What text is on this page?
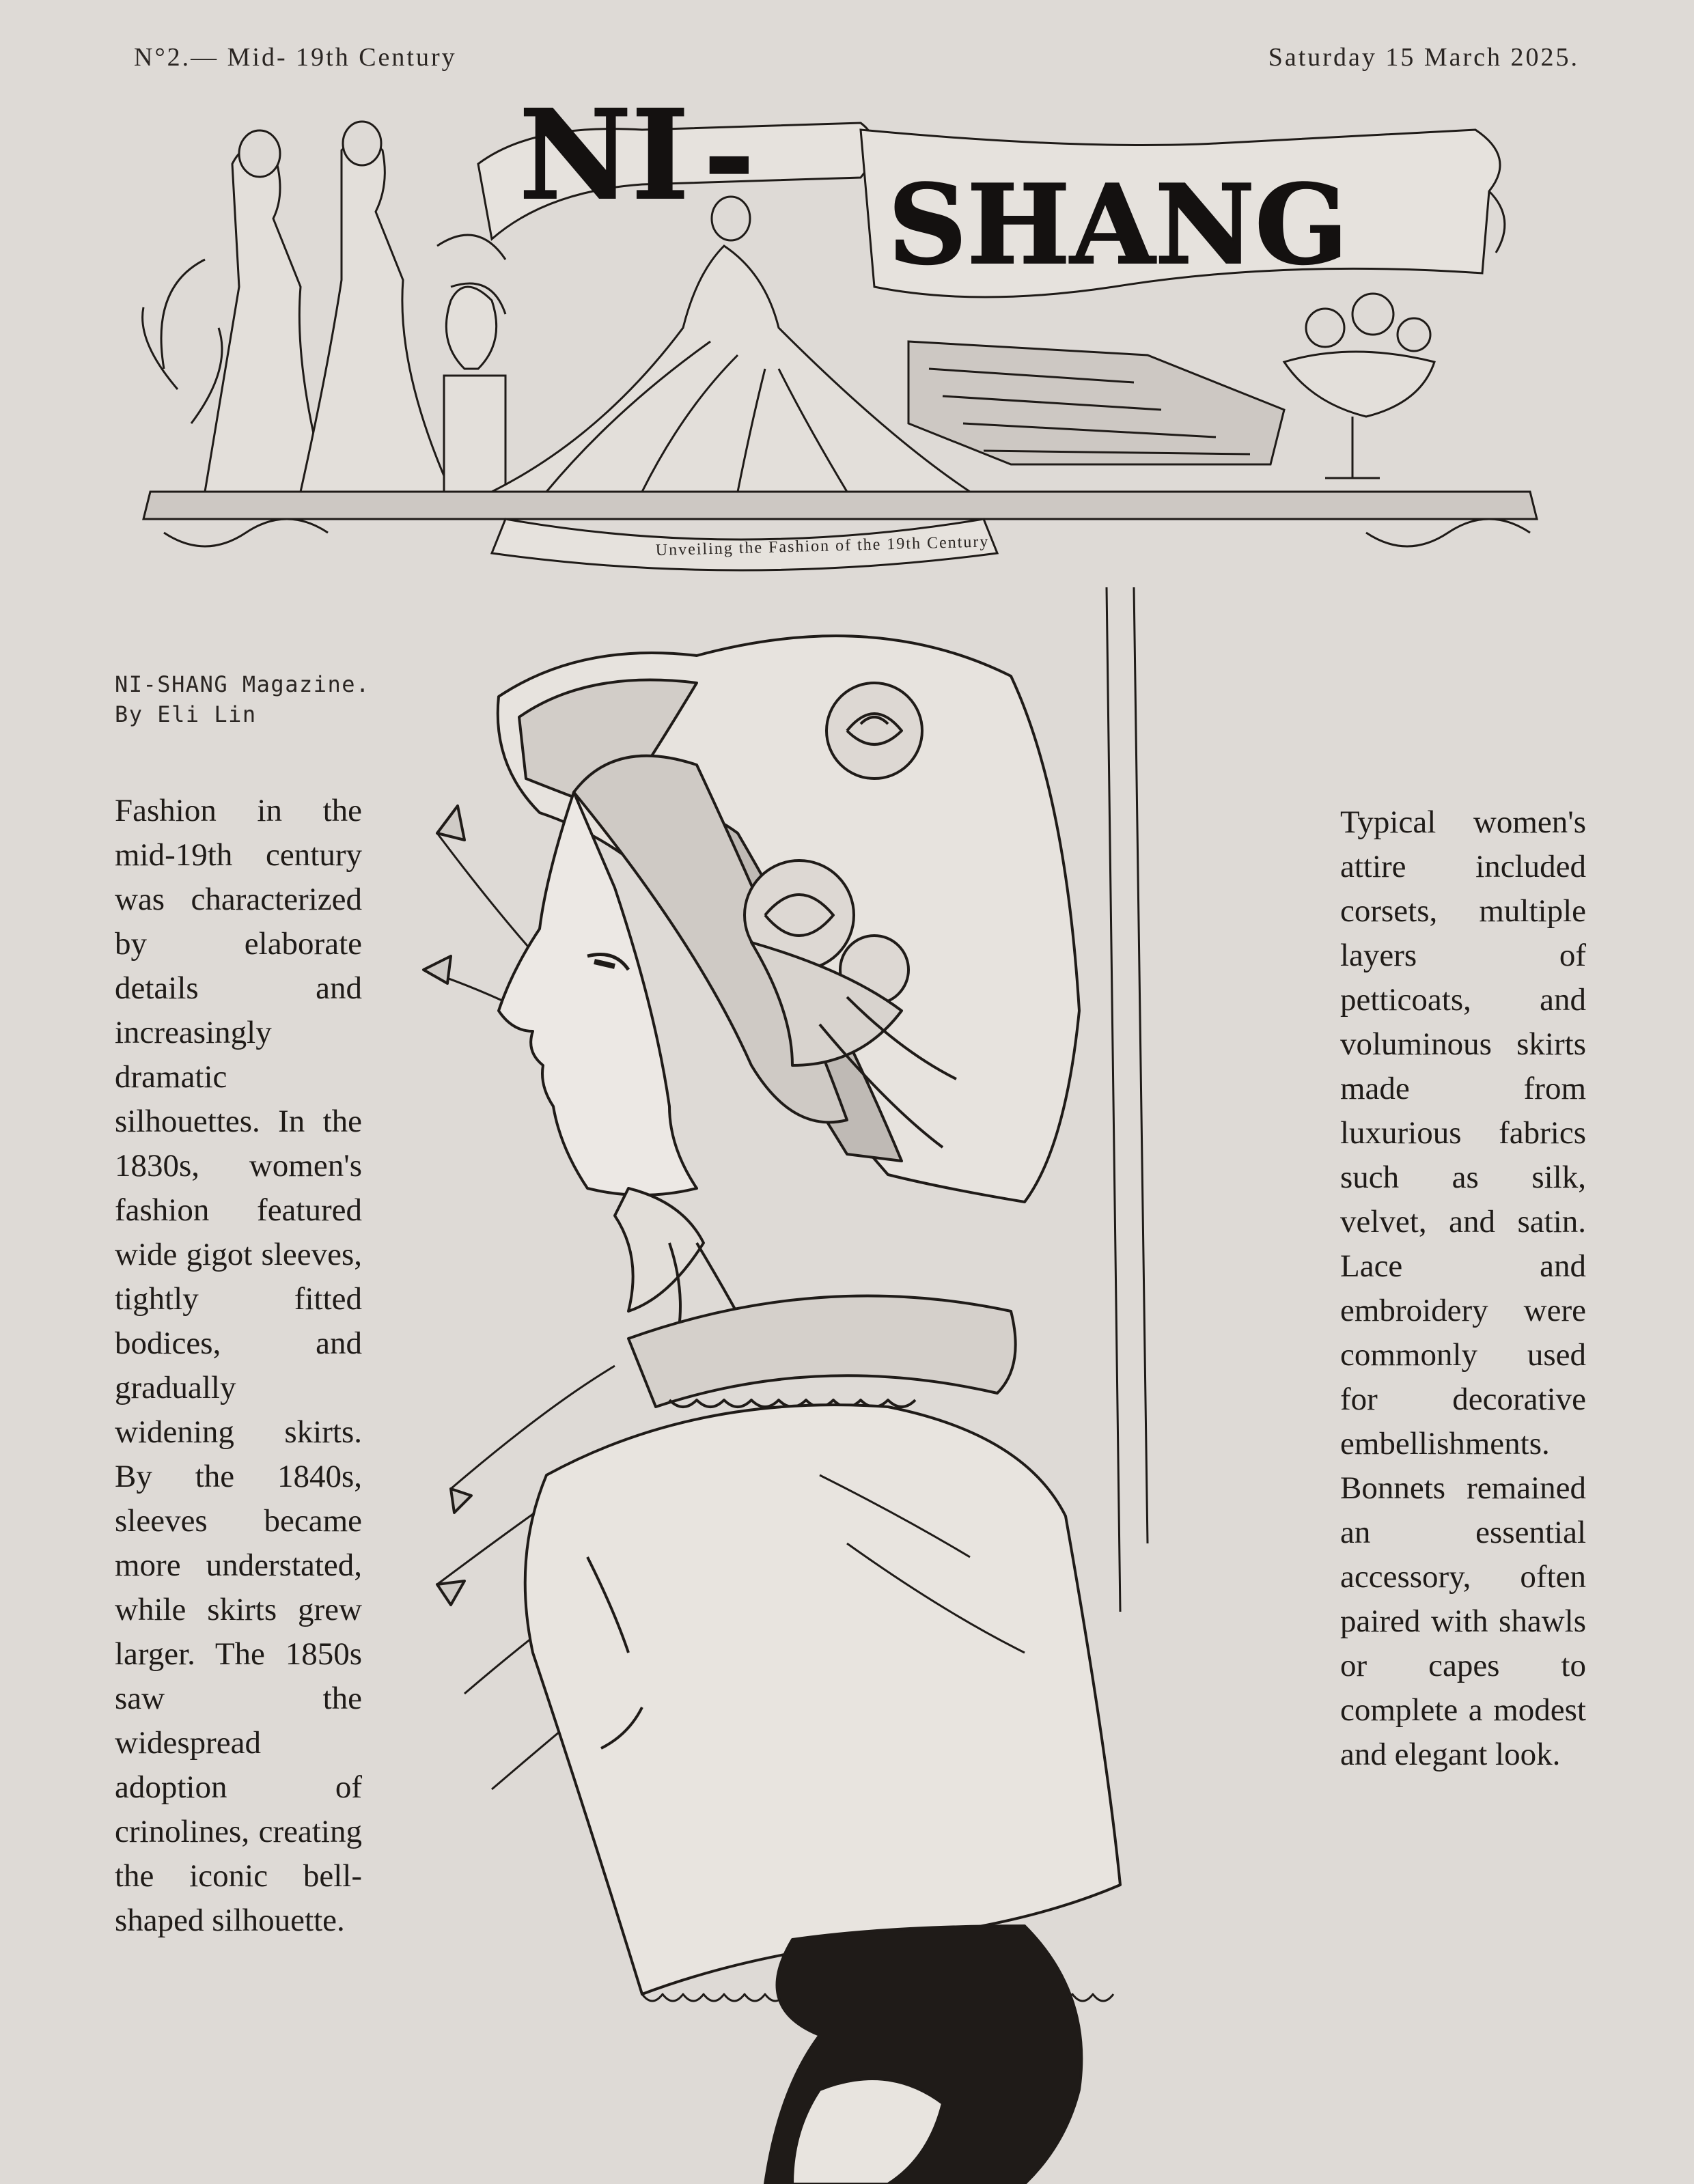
N°2.— Mid- 19th Century	Saturday 15 March 2025.
NI - SHANG
Unveiling the Fashion of the 19th Century
NI-SHANG Magazine.
By Eli Lin
Fashion in the mid-19th century was characterized by elaborate details and increasingly dramatic silhouettes. In the 1830s, women's fashion featured wide gigot sleeves, tightly fitted bodices, and gradually widening skirts. By the 1840s, sleeves became more understated, while skirts grew larger. The 1850s saw the widespread adoption of crinolines, creating the iconic bell-shaped silhouette.
Typical women's attire included corsets, multiple layers of petticoats, and voluminous skirts made from luxurious fabrics such as silk, velvet, and satin. Lace and embroidery were commonly used for decorative embellishments. Bonnets remained an essential accessory, often paired with shawls or capes to complete a modest and elegant look.
